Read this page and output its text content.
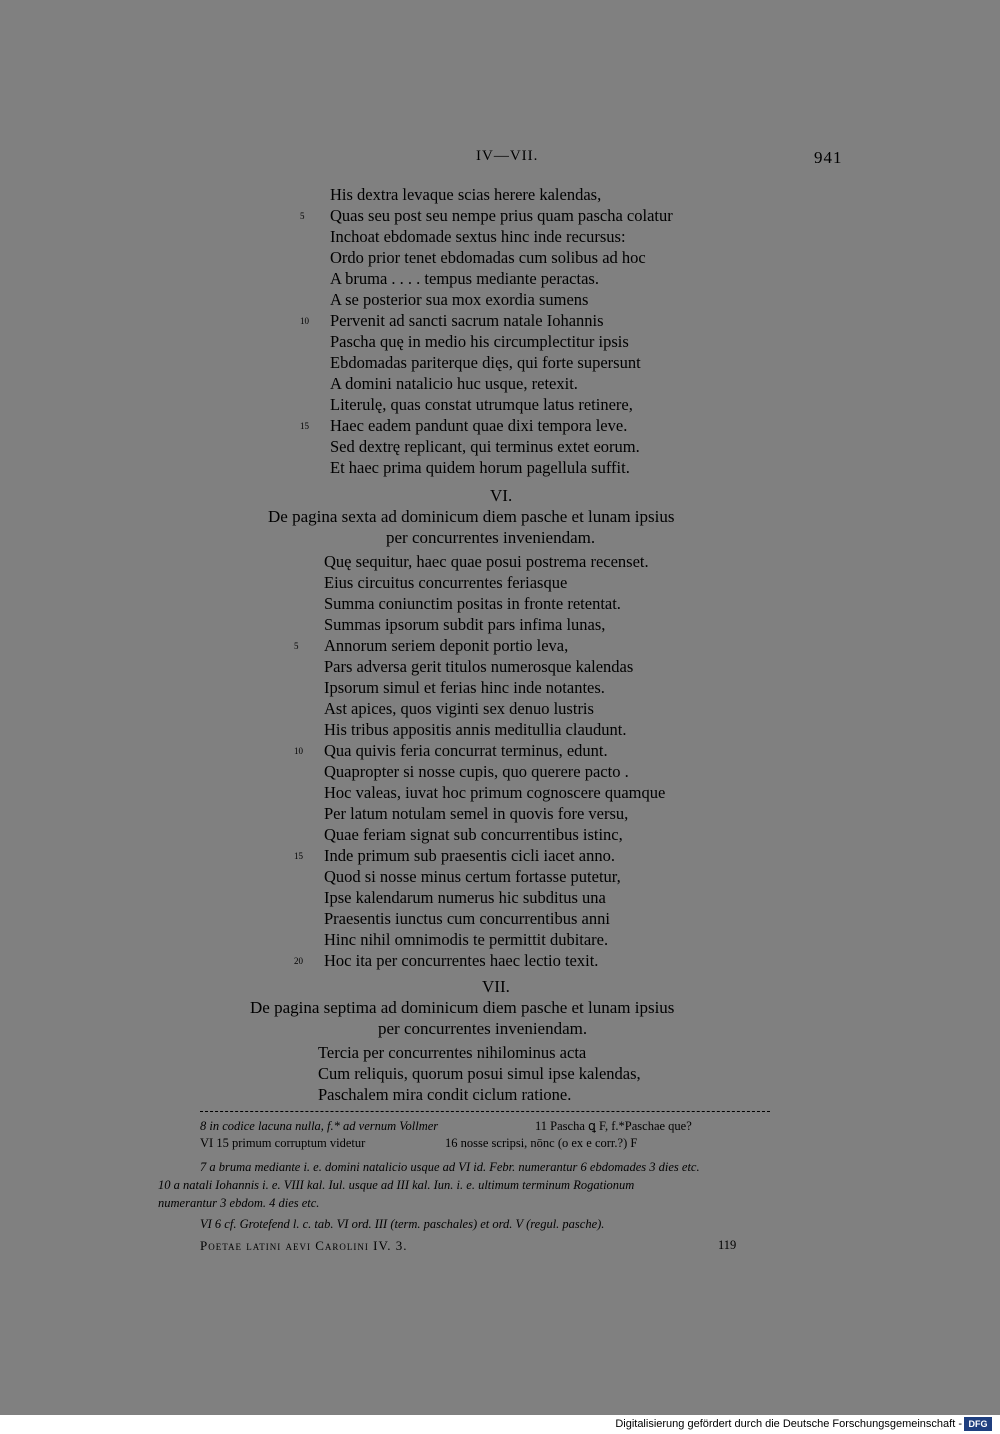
IV—VII.	941
His dextra levaque scias herere kalendas,
Quas seu post seu nempe prius quam pascha colatur
5
Inchoat ebdomade sextus hinc inde recursus:
Ordo prior tenet ebdomadas cum solibus ad hoc
A bruma . . . . tempus mediante peractas.
A se posterior sua mox exordia sumens
Pervenit ad sancti sacrum natale Iohannis
10
Pascha quę in medio his circumplectitur ipsis
Ebdomadas pariterque dięs, qui forte supersunt
A domini natalicio huc usque, retexit.
Literulę, quas constat utrumque latus retinere,
Haec eadem pandunt quae dixi tempora leve.
15
Sed dextrę replicant, qui terminus extet eorum.
Et haec prima quidem horum pagellula suffit.
VI.
De pagina sexta ad dominicum diem pasche et lunam ipsius
per concurrentes inveniendam.
Quę sequitur, haec quae posui postrema recenset.
Eius circuitus concurrentes feriasque
Summa coniunctim positas in fronte retentat.
Summas ipsorum subdit pars infima lunas,
Annorum seriem deponit portio leva,
5
Pars adversa gerit titulos numerosque kalendas
Ipsorum simul et ferias hinc inde notantes.
Ast apices, quos viginti sex denuo lustris
His tribus appositis annis meditullia claudunt.
Qua quivis feria concurrat terminus, edunt.
10
Quapropter si nosse cupis, quo querere pacto .
Hoc valeas, iuvat hoc primum cognoscere quamque
Per latum notulam semel in quovis fore versu,
Quae feriam signat sub concurrentibus istinc,
Inde primum sub praesentis cicli iacet anno.
15
Quod si nosse minus certum fortasse putetur,
Ipse kalendarum numerus hic subditus una
Praesentis iunctus cum concurrentibus anni
Hinc nihil omnimodis te permittit dubitare.
Hoc ita per concurrentes haec lectio texit.
20
VII.
De pagina septima ad dominicum diem pasche et lunam ipsius
per concurrentes inveniendam.
Tercia per concurrentes nihilominus acta
Cum reliquis, quorum posui simul ipse kalendas,
Paschalem mira condit ciclum ratione.
8 in codice lacuna nulla, f.* ad vernum Vollmer	11 Pascha ꝗ F, f.*Paschae que?
VI 15 primum corruptum videtur	16 nosse scripsi, nōnc (o ex e corr.?) F
7 a bruma mediante i. e. domini natalicio usque ad VI id. Febr. numerantur 6 ebdomades 3 dies etc.
10 a natali Iohannis i. e. VIII kal. Iul. usque ad III kal. Iun. i. e. ultimum terminum Rogationum
numerantur 3 ebdom. 4 dies etc.
VI 6 cf. Grotefend l. c. tab. VI ord. III (term. paschales) et ord. V (regul. pasche).
Poetae latini aevi Carolini IV. 3.	119
Digitalisierung gefördert durch die Deutsche Forschungsgemeinschaft - DFG
